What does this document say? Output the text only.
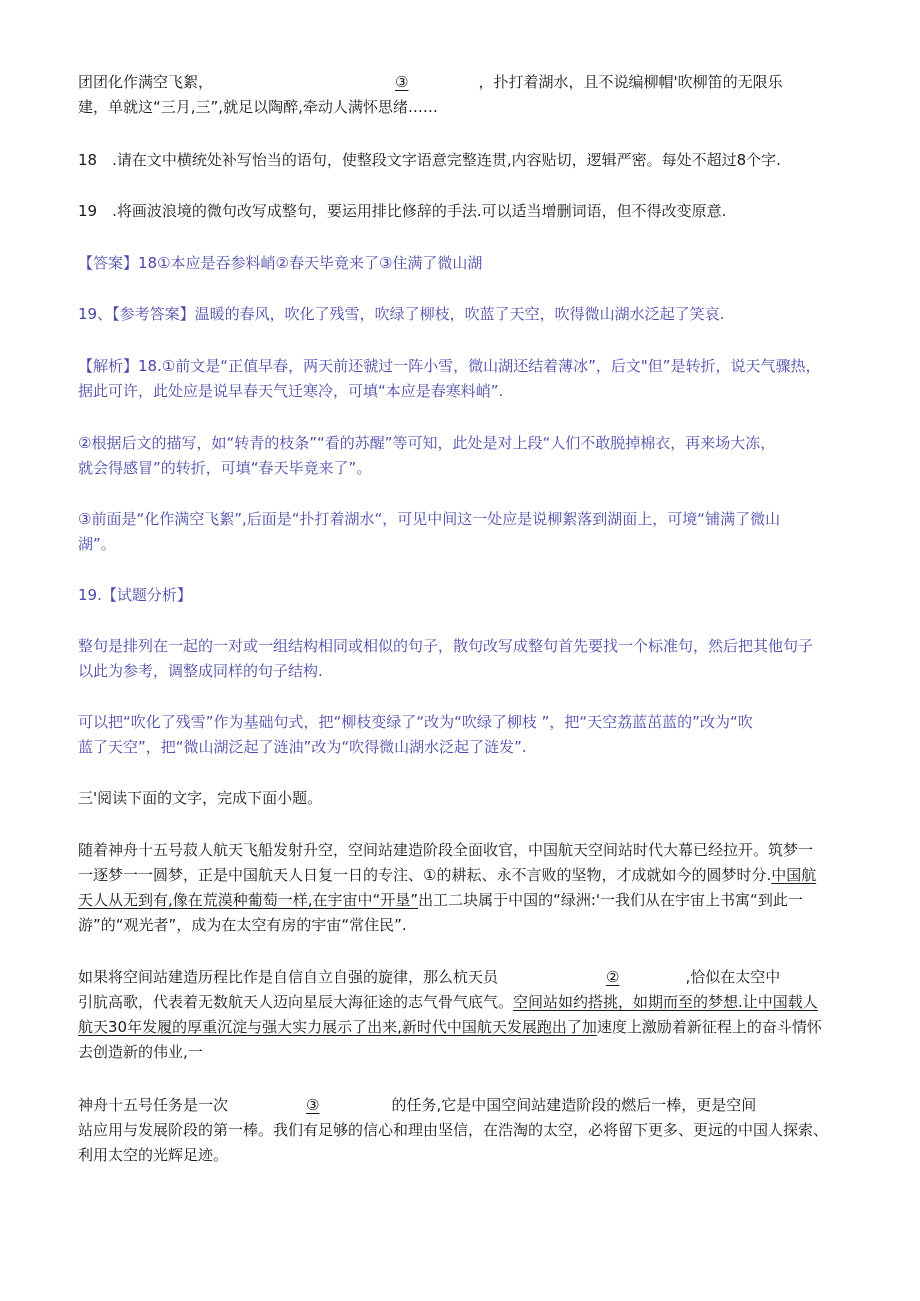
团团化作满空飞絮，	③	，扑打着湖水，且不说编柳帽'吹柳笛的无限乐
建，单就这“三月,三”,就足以陶醉,牵动人满怀思绪……
18　.请在文中横统处补写怡当的语句，使整段文字语意完整连贯,内容贴切，逻辑严密。每处不超过8个字.
19　.将画波浪境的微句改写成整句，要运用排比修辞的手法.可以适当增删词语，但不得改变原意.
【答案】18①本应是吞参料峭②春天毕竟来了③住满了微山湖
19、【参考答案】温暖的春风，吹化了残雪，吹绿了柳枝，吹蓝了天空，吹得微山湖水泛起了笑哀.
【解析】18.①前文是“正值早春，两天前还虢过一阵小雪，微山湖还结着薄冰”，后文"但”是转折，说天气骤热，
据此可许，此处应是说早春天气迁寒冷，可填“本应是春寒料峭”.
②根据后文的描写，如“转青的枝条”“看的苏醒”等可知，此处是对上段“人们不敢脱掉棉衣，再来场大冻，
就会得感冒”的转折，可填“春天毕竟来了”。
③前面是“化作满空飞絮”,后面是“扑打着湖水“，可见中间这一处应是说柳絮落到湖面上，可境“铺满了微山
湖”。
19.【试题分析】
整句是排列在一起的一对或一组结构相同或相似的句子，散句改写成整句首先要找一个标准句，然后把其他句子
以此为参考，调整成同样的句子结构.
可以把“吹化了残雪”作为基础句式，把“柳枝变绿了“改为“吹绿了柳枝 ”，把“天空荔蓝茁蓝的”改为“吹
蓝了天空”，把“微山湖泛起了涟油”改为“吹得微山湖水泛起了涟发”.
三'阅读下面的文字，完成下面小题。
随着神舟十五号菽人航天飞船发射升空，空间站建造阶段全面收官，中国航天空间站时代大幕已经拉开。筑梦一
一逐梦一一圆梦，正是中国航天人日复一日的专注、①的耕耘、永不言败的坚物，才成就如今的圆梦时分.中国航
天人从无到有,像在荒漠种葡萄一样,在宇宙中“开垦”出工二块属于中国的“绿洲:'一我们从在宇宙上书寓“到此一
游”的“观光者”，成为在太空有房的宇宙“常住民”.
如果将空间站建造历程比作是自信自立自强的旋律，那么杭天员	②	,恰似在太空中
引肮高歌，代表着无数航天人迈向星辰大海征途的志气骨气底气。空间站如约搭挑，如期而至的梦想.让中国载人
航天30年发履的厚重沉淀与强大实力展示了出来,新时代中国航天发展跑出了加速度上激励着新征程上的奋斗情怀
去创造新的伟业,一
神舟十五号任务是一次	③	的任务,它是中国空间站建造阶段的燃后一棒，更是空间
站应用与发展阶段的第一棒。我们有足够的信心和理由坚信，在浩淘的太空，必将留下更多、更远的中国人探索、
利用太空的光辉足迹。
